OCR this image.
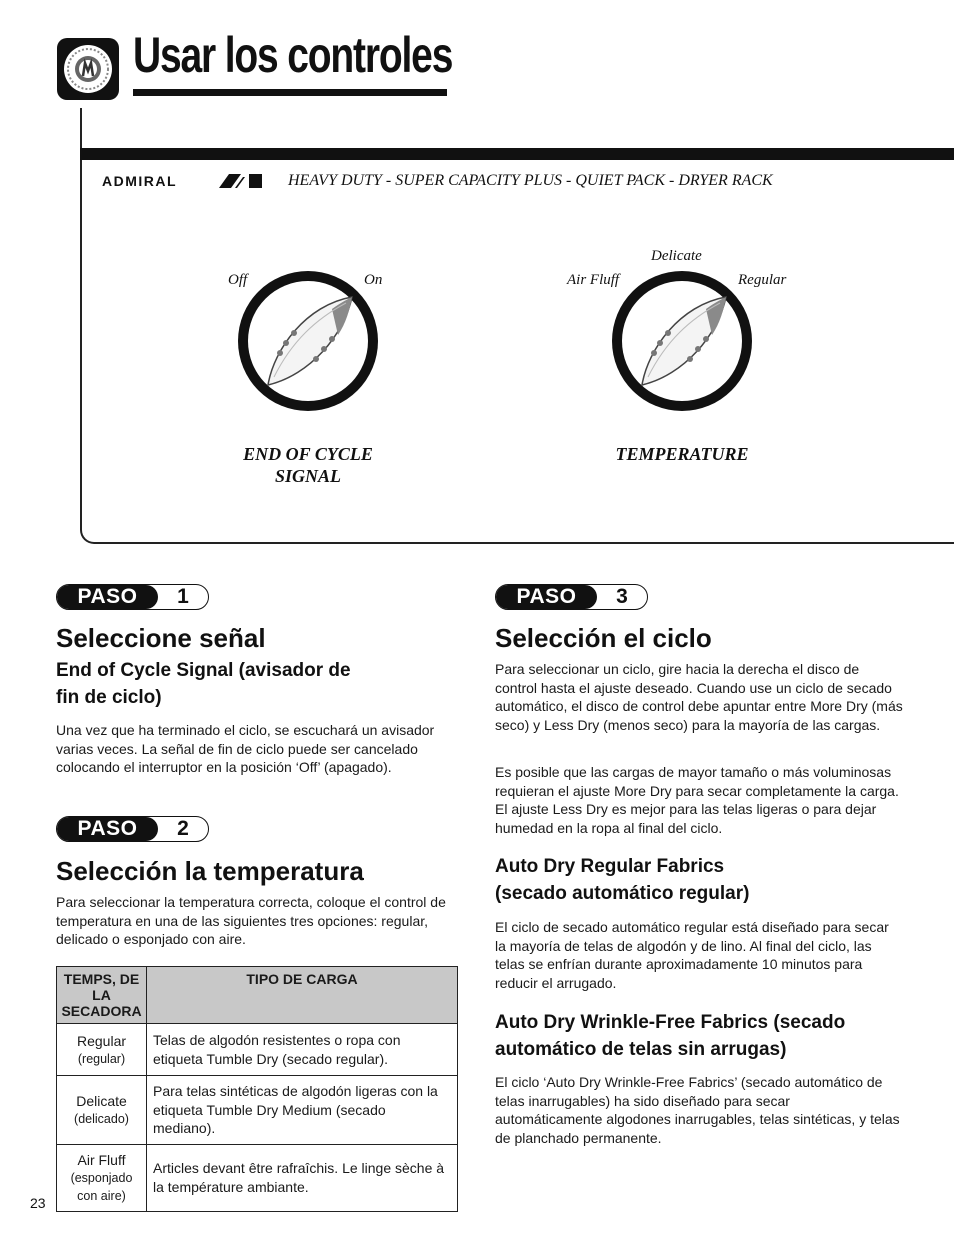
Usar los controles
ADMIRAL	HEAVY DUTY - SUPER CAPACITY PLUS - QUIET PACK - DRYER RACK
Off	On
END OF CYCLE
SIGNAL
Delicate
Air Fluff	Regular
TEMPERATURE
PASO	1
Seleccione señal
End of Cycle Signal (avisador de
fin de ciclo)
Una vez que ha terminado el ciclo, se escuchará un avisador varias veces. La señal de fin de ciclo puede ser cancelado colocando el interruptor en la posición ‘Off’ (apagado).
PASO	2
Selección la temperatura
Para seleccionar la temperatura correcta, coloque el control de temperatura en una de las siguientes tres opciones: regular, delicado o esponjado con aire.
TEMPS, DE LA SECADORA	TIPO DE CARGA
Regular
(regular)	Telas de algodón resistentes o ropa con etiqueta Tumble Dry (secado regular).
Delicate
(delicado)	Para telas sintéticas de algodón ligeras con la etiqueta Tumble Dry Medium (secado mediano).
Air Fluff
(esponjado con aire)	Articles devant être rafraîchis. Le linge sèche à la température ambiante.
PASO	3
Selección el ciclo
Para seleccionar un ciclo, gire hacia la derecha el disco de control hasta el ajuste deseado. Cuando use un ciclo de secado automático, el disco de control debe apuntar entre More Dry (más seco) y Less Dry (menos seco) para la mayoría de las cargas.
Es posible que las cargas de mayor tamaño o más voluminosas requieran el ajuste More Dry para secar completamente la carga. El ajuste Less Dry es mejor para las telas ligeras o para dejar humedad en la ropa al final del ciclo.
Auto Dry Regular Fabrics
(secado automático regular)
El ciclo de secado automático regular está diseñado para secar la mayoría de telas de algodón y de lino. Al final del ciclo, las telas se enfrían durante aproximadamente 10 minutos para reducir el arrugado.
Auto Dry Wrinkle-Free Fabrics (secado
automático de telas sin arrugas)
El ciclo ‘Auto Dry Wrinkle-Free Fabrics’ (secado automático de telas inarrugables) ha sido diseñado para secar automáticamente algodones inarrugables, telas sintéticas, y telas de planchado permanente.
23
